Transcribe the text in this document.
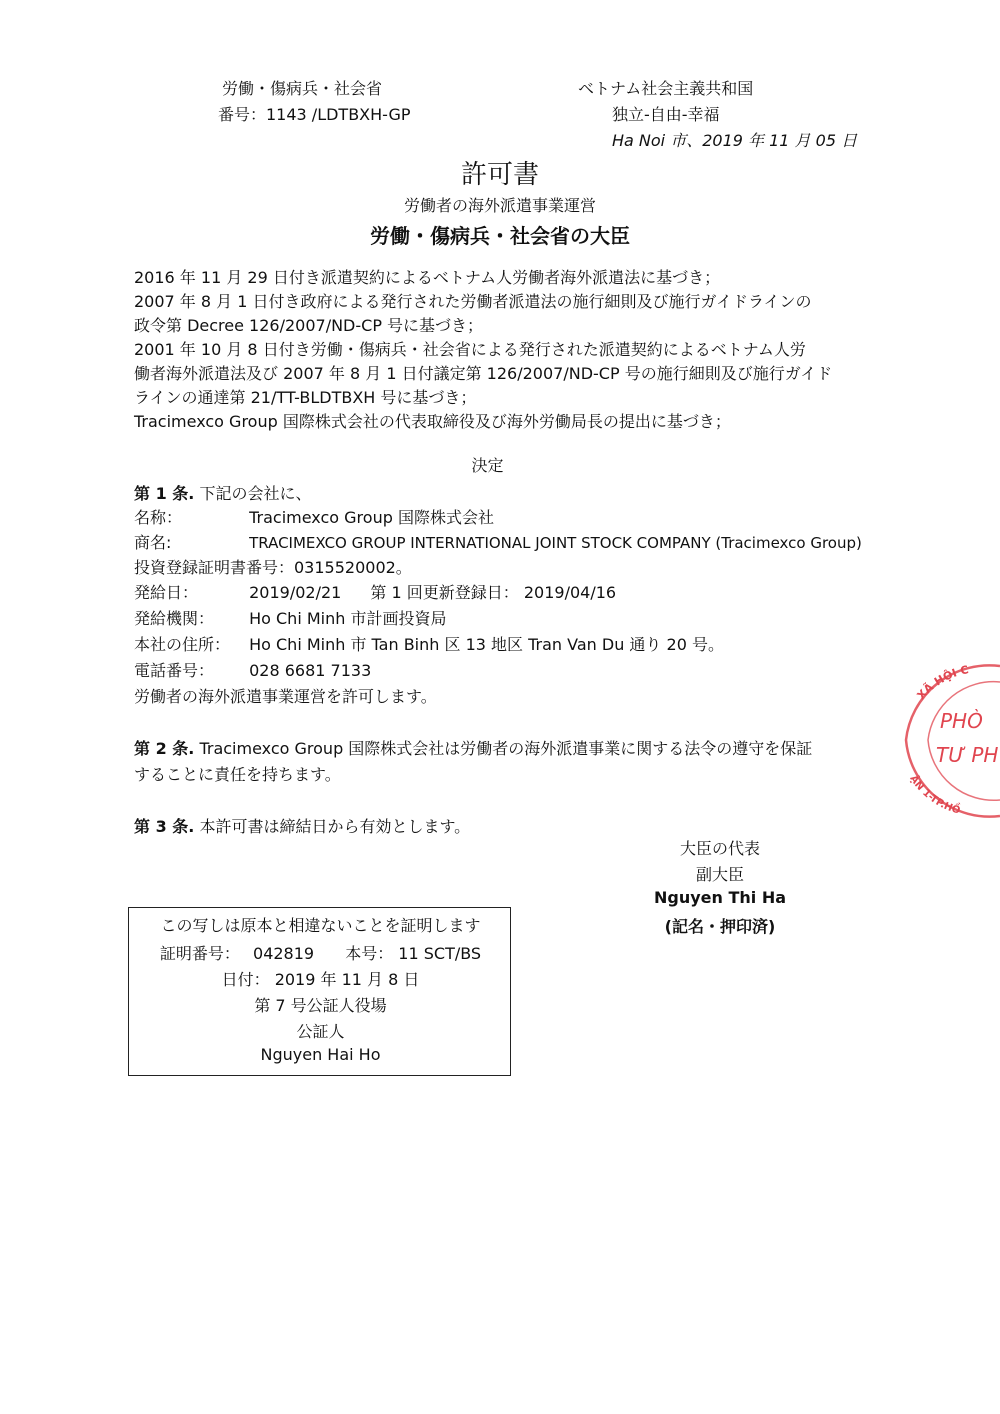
労働・傷病兵・社会省
番号：1143 /LDTBXH-GP
ベトナム社会主義共和国
独立-自由-幸福
Ha Noi 市、2019 年 11 月 05 日
許可書
労働者の海外派遣事業運営
労働・傷病兵・社会省の大臣
2016 年 11 月 29 日付き派遣契約によるベトナム人労働者海外派遣法に基づき；
2007 年 8 月 1 日付き政府による発行された労働者派遣法の施行細則及び施行ガイドラインの
政令第 Decree 126/2007/ND-CP 号に基づき；
2001 年 10 月 8 日付き労働・傷病兵・社会省による発行された派遣契約によるベトナム人労
働者海外派遣法及び 2007 年 8 月 1 日付議定第 126/2007/ND-CP 号の施行細則及び施行ガイド
ラインの通達第 21/TT-BLDTBXH 号に基づき；
Tracimexco Group 国際株式会社の代表取締役及び海外労働局長の提出に基づき；
決定
第 1 条. 下記の会社に、
名称：	Tracimexco Group 国際株式会社
商名:	TRACIMEXCO GROUP INTERNATIONAL JOINT STOCK COMPANY (Tracimexco Group)
投資登録証明書番号：0315520002。
発給日：	2019/02/21 第 1 回更新登録日： 2019/04/16
発給機関： Ho Chi Minh 市計画投資局
本社の住所： Ho Chi Minh 市 Tan Binh 区 13 地区 Tran Van Du 通り 20 号。
電話番号： 028 6681 7133
労働者の海外派遣事業運営を許可します。
第 2 条. Tracimexco Group 国際株式会社は労働者の海外派遣事業に関する法令の遵守を保証
することに責任を持ちます。
第 3 条. 本許可書は締結日から有効とします。
大臣の代表
副大臣
Nguyen Thi Ha
(記名・押印済)
この写しは原本と相違ないことを証明します
証明番号： 042819 本号： 11 SCT/BS
日付： 2019 年 11 月 8 日
第 7 号公証人役場
公証人
Nguyen Hai Ho
XÃ HỘI C
PHÒ
TƯ PH
ẬN 1-TP.HỒ
